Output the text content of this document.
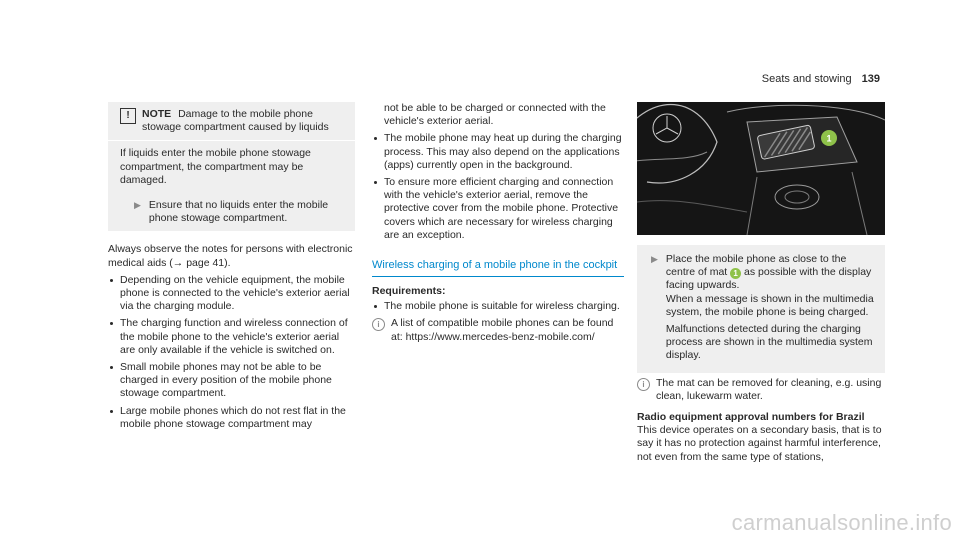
Seats and stowing 139
!	NOTE Damage to the mobile phone stowage compartment caused by liquids

If liquids enter the mobile phone stowage compartment, the compartment may be damaged.

▶ Ensure that no liquids enter the mobile phone stowage compartment.

Always observe the notes for persons with electronic medical aids (→ page 41).

Depending on the vehicle equipment, the mobile phone is connected to the vehicle's exterior aerial via the charging module.
The charging function and wireless connection of the mobile phone to the vehicle's exterior aerial are only available if the vehicle is switched on.
Small mobile phones may not be able to be charged in every position of the mobile phone stowage compartment.
Large mobile phones which do not rest flat in the mobile phone stowage compartment may
not be able to be charged or connected with the vehicle's exterior aerial.
The mobile phone may heat up during the charging process. This may also depend on the applications (apps) currently open in the background.
To ensure more efficient charging and connection with the vehicle's exterior aerial, remove the protective cover from the mobile phone. Protective covers which are necessary for wireless charging are an exception.
Wireless charging of a mobile phone in the cockpit
Requirements:
The mobile phone is suitable for wireless charging.
i	A list of compatible mobile phones can be found at: https://www.mercedes-benz-mobile.com/
1
▶ Place the mobile phone as close to the centre of mat 1 as possible with the display facing upwards.
When a message is shown in the multimedia system, the mobile phone is being charged.

Malfunctions detected during the charging process are shown in the multimedia system display.

i	The mat can be removed for cleaning, e.g. using clean, lukewarm water.
Radio equipment approval numbers for Brazil
This device operates on a secondary basis, that is to say it has no protection against harmful interference, not even from the same type of stations,
carmanualsonline.info
